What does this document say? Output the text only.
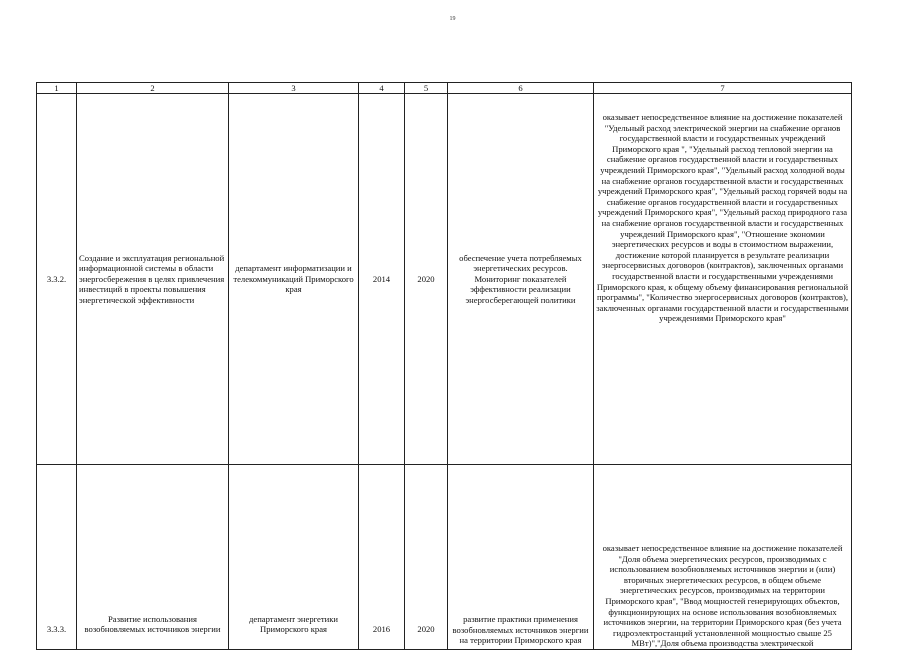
19
1	2	3	4	5	6	7
3.3.2.	Создание и эксплуатация региональной информационной системы в области энергосбережения в целях привлечения инвестиций в проекты повышения энергетической эффективности	департамент информатизации и телекоммуникаций Приморского края	2014	2020	обеспечение учета потребляемых энергетических ресурсов. Мониторинг показателей эффективности реализации энергосберегающей политики	оказывает непосредственное влияние на достижение показателей "Удельный расход электрической энергии на снабжение органов государственной власти и государственных учреждений Приморского края ", "Удельный расход тепловой энергии на снабжение органов государственной власти и государственных учреждений Приморского края", "Удельный расход холодной воды на снабжение органов государственной власти и государственных учреждений Приморского края", "Удельный расход горячей воды на снабжение органов государственной власти и государственных учреждений Приморского края", "Удельный расход природного газа на снабжение органов государственной власти и государственных учреждений Приморского края", "Отношение экономии энергетических ресурсов и воды в стоимостном выражении, достижение которой планируется в результате реализации энергосервисных договоров (контрактов), заключенных органами государственной власти и государственными учреждениями Приморского края, к общему объему финансирования региональной программы", "Количество энергосервисных договоров (контрактов), заключенных органами государственной власти и государственными учреждениями Приморского края"
3.3.3.	Развитие использования возобновляемых источников энергии	департамент энергетики Приморского края	2016	2020	развитие практики применения возобновляемых источников энергии на территории Приморского края	оказывает непосредственное влияние на достижение показателей "Доля объема энергетических ресурсов, производимых с использованием возобновляемых источников энергии и (или) вторичных энергетических ресурсов, в общем объеме энергетических ресурсов, производимых на территории Приморского края", "Ввод мощностей генерирующих объектов, функционирующих на основе использования возобновляемых источников энергии, на территории Приморского края (без учета гидроэлектростанций установленной мощностью свыше 25 МВт)","Доля объема производства электрической
